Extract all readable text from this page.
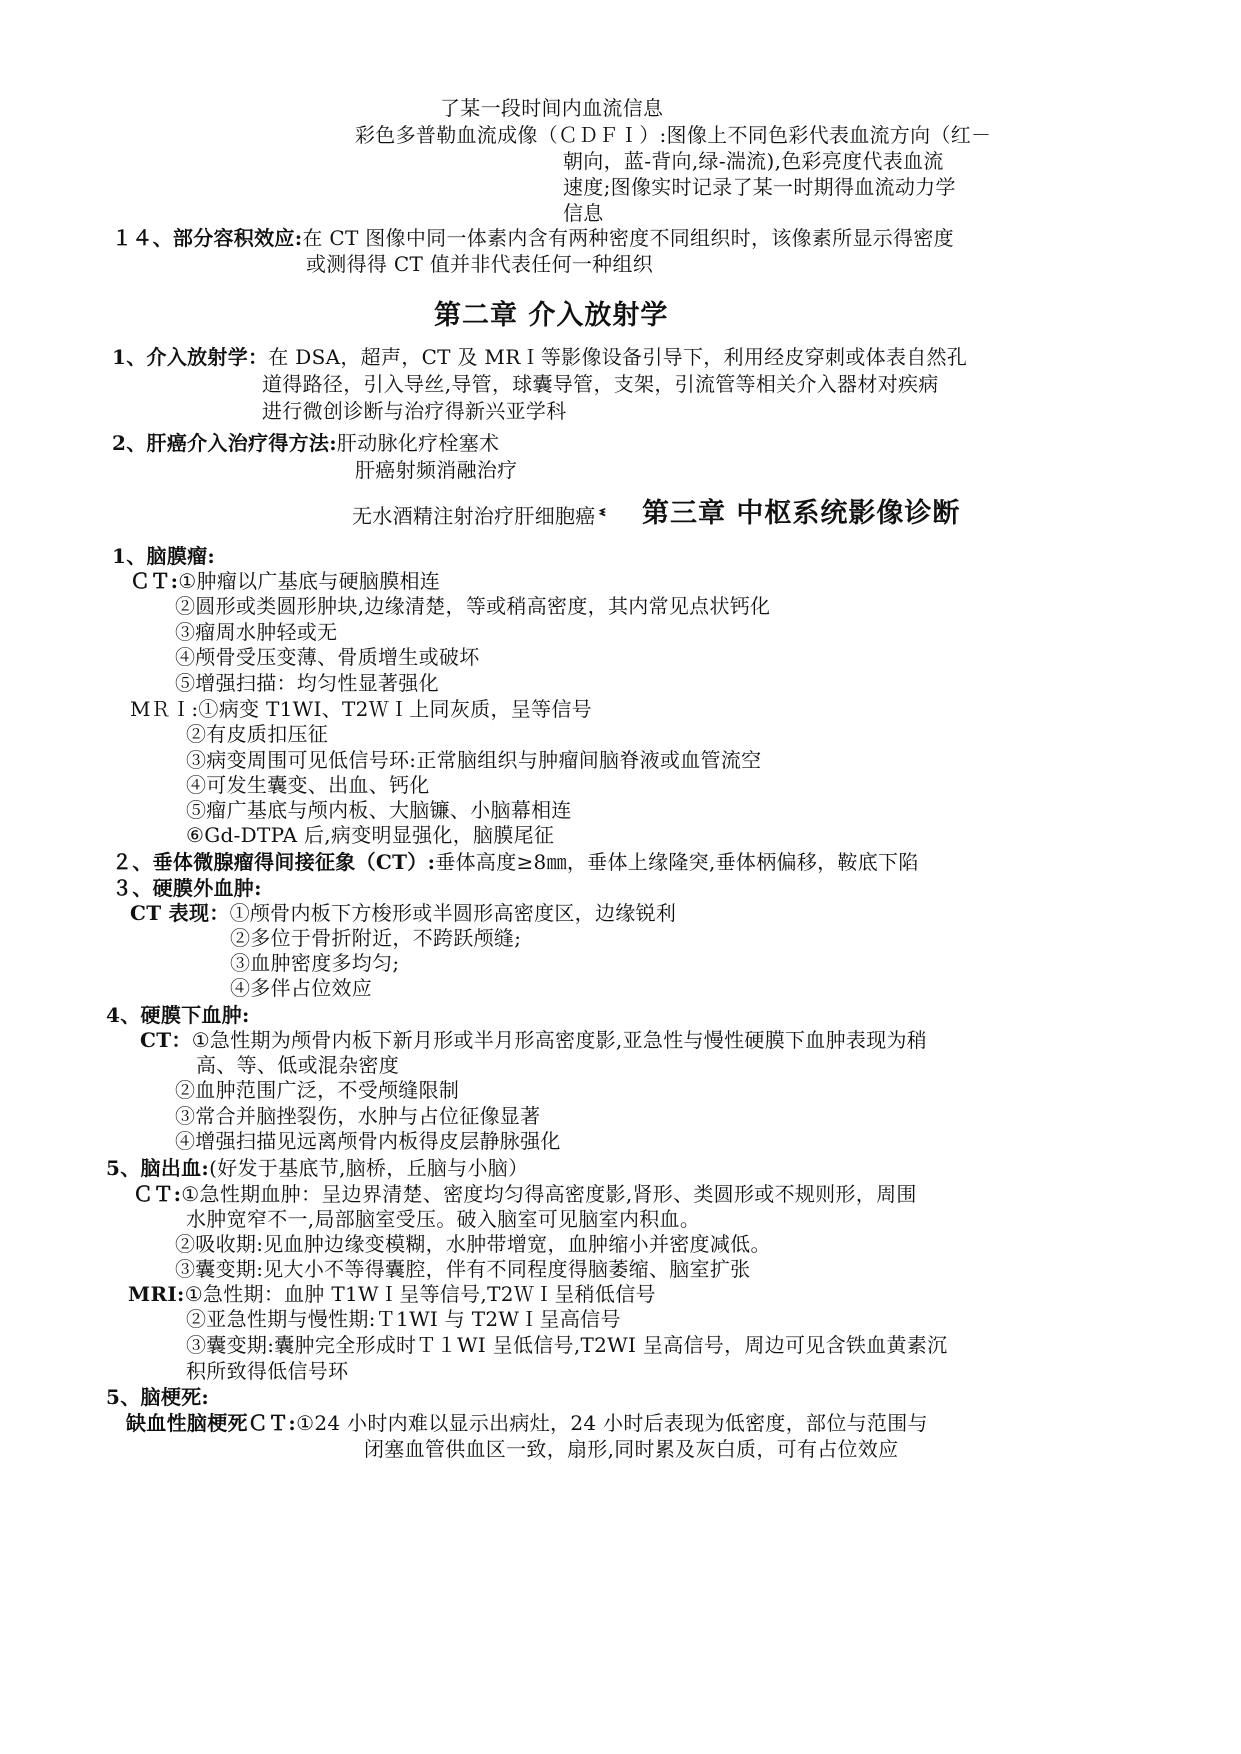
了某一段时间内血流信息
彩色多普勒血流成像（ＣＤＦＩ）:图像上不同色彩代表血流方向（红－
朝向，蓝-背向,绿-湍流),色彩亮度代表血流
速度;图像实时记录了某一时期得血流动力学
信息
１４、部分容积效应:在 CT 图像中同一体素内含有两种密度不同组织时，该像素所显示得密度
或测得得 CT 值并非代表任何一种组织
第二章 介入放射学
1、介入放射学：在 DSA，超声，CT 及 MRＩ等影像设备引导下，利用经皮穿刺或体表自然孔
道得路径，引入导丝,导管，球囊导管，支架，引流管等相关介入器材对疾病
进行微创诊断与治疗得新兴亚学科
2、肝癌介入治疗得方法:肝动脉化疗栓塞术
肝癌射频消融治疗
无水酒精注射治疗肝细胞癌 ᓫ 第三章 中枢系统影像诊断
1、脑膜瘤:
ＣＴ:①肿瘤以广基底与硬脑膜相连
②圆形或类圆形肿块,边缘清楚，等或稍高密度，其内常见点状钙化
③瘤周水肿轻或无
④颅骨受压变薄、骨质增生或破坏
⑤增强扫描：均匀性显著强化
MＲＩ:①病变 T1WI、T2ＷＩ上同灰质，呈等信号
②有皮质扣压征
③病变周围可见低信号环:正常脑组织与肿瘤间脑脊液或血管流空
④可发生囊变、出血、钙化
⑤瘤广基底与颅内板、大脑镰、小脑幕相连
⑥Gd-DTPA 后,病变明显强化，脑膜尾征
２、垂体微腺瘤得间接征象（CT）:垂体高度≥8㎜，垂体上缘隆突,垂体柄偏移，鞍底下陷
３、硬膜外血肿:
CT 表现：①颅骨内板下方梭形或半圆形高密度区，边缘锐利
②多位于骨折附近，不跨跃颅缝;
③血肿密度多均匀;
④多伴占位效应
4、硬膜下血肿:
CT：①急性期为颅骨内板下新月形或半月形高密度影,亚急性与慢性硬膜下血肿表现为稍
高、等、低或混杂密度
②血肿范围广泛，不受颅缝限制
③常合并脑挫裂伤，水肿与占位征像显著
④增强扫描见远离颅骨内板得皮层静脉强化
5、脑出血:(好发于基底节,脑桥，丘脑与小脑）
ＣＴ:①急性期血肿：呈边界清楚、密度均匀得高密度影,肾形、类圆形或不规则形，周围
水肿宽窄不一,局部脑室受压。破入脑室可见脑室内积血。
②吸收期:见血肿边缘变模糊，水肿带增宽，血肿缩小并密度减低。
③囊变期:见大小不等得囊腔，伴有不同程度得脑萎缩、脑室扩张
MRI:①急性期：血肿 T1WＩ呈等信号,T2ＷＩ呈稍低信号
②亚急性期与慢性期:Ｔ1WI 与 T2WＩ呈高信号
③囊变期:囊肿完全形成时Ｔ１WI 呈低信号,T2WI 呈高信号，周边可见含铁血黄素沉
积所致得低信号环
5、脑梗死:
缺血性脑梗死ＣＴ:①24 小时内难以显示出病灶，24 小时后表现为低密度，部位与范围与
闭塞血管供血区一致，扇形,同时累及灰白质，可有占位效应
